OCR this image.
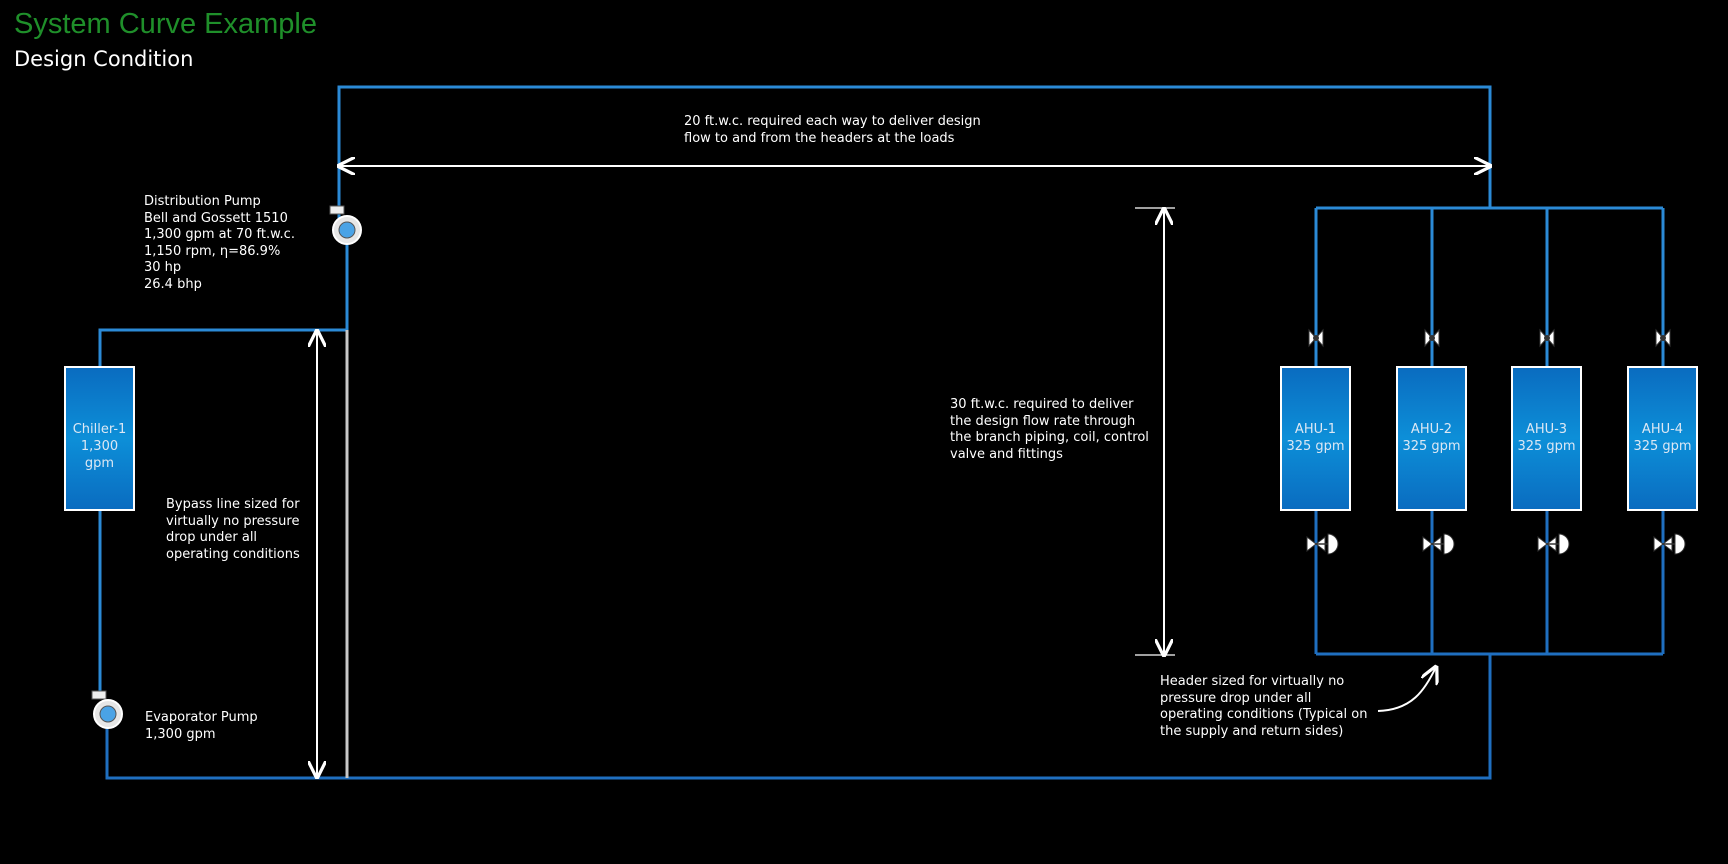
System Curve Example
Design Condition
Chiller-1
1,300 gpm
AHU-1
325 gpm
AHU-2
325 gpm
AHU-3
325 gpm
AHU-4
325 gpm
20 ft.w.c. required each way to deliver design
flow to and from the headers at the loads
Distribution Pump
Bell and Gossett 1510
1,300 gpm at 70 ft.w.c.
1,150 rpm, η=86.9%
30 hp
26.4 bhp
30 ft.w.c. required to deliver
the design flow rate through
the branch piping, coil, control
valve and fittings
Bypass line sized for
virtually no pressure
drop under all
operating conditions
Evaporator Pump
1,300 gpm
Header sized for virtually no
pressure drop under all
operating conditions (Typical on
the supply and return sides)
